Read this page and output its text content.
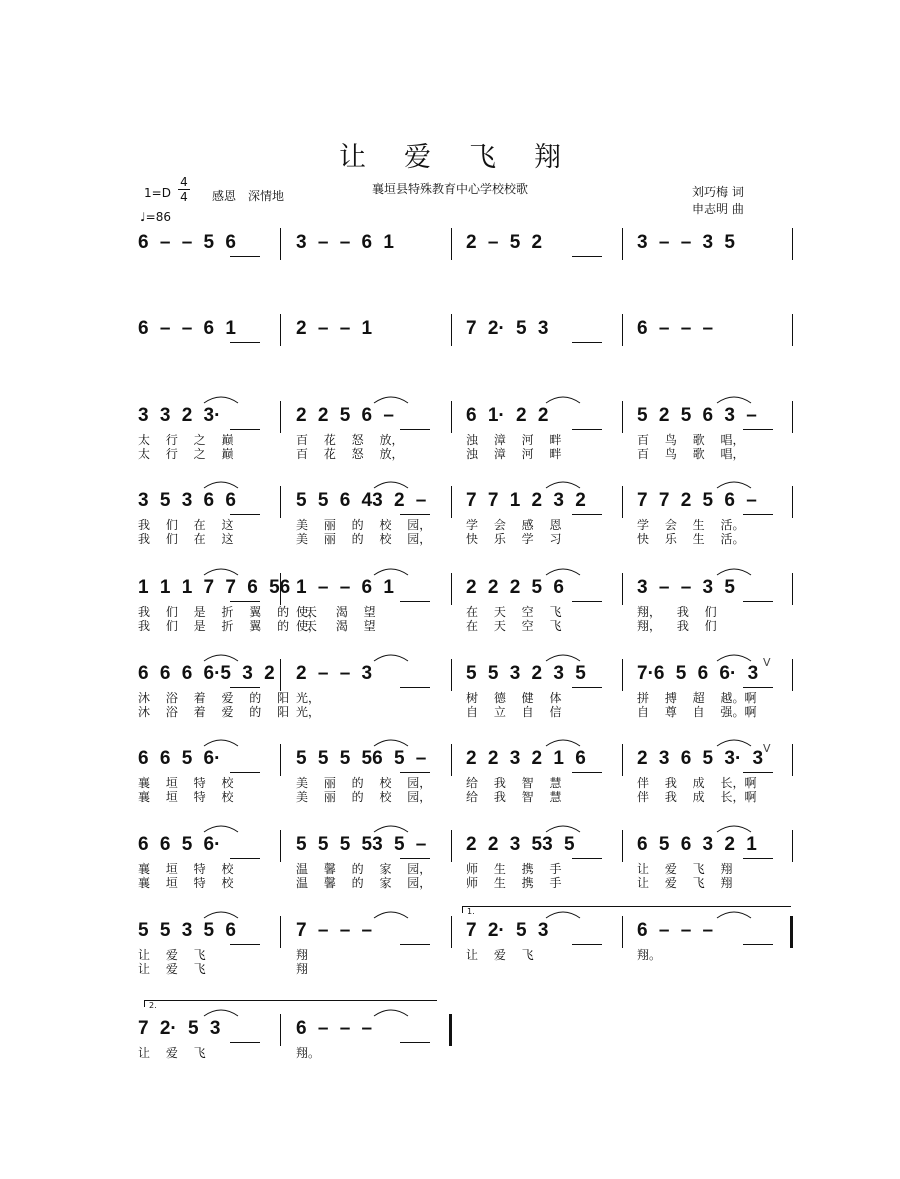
让爱飞翔
襄垣县特殊教育中心学校校歌
1=D
4
4 感恩 深情地
♩=86
刘巧梅 词
申志明 曲
6 – – 5 6	3 – – 6 1	2 – 5 2	3 – – 3 5
6 – – 6 1	2 – – 1	7 2· 5 3	6 – – –
3 3 2 3·
太 行 之 巅
太 行 之 巅
2 2 5 6 –
百 花 怒 放，
百 花 怒 放，
6 1· 2 2
浊 漳 河 畔
浊 漳 河 畔
5 2 5 6 3 –
百 鸟 歌 唱，
百 鸟 歌 唱，
3 5 3 6 6
我 们 在 这
我 们 在 这
5 5 6 43 2 –
美 丽 的 校 园，
美 丽 的 校 园，
7 7 1 2 3 2
学 会 感 恩
快 乐 学 习
7 7 2 5 6 –
学 会 生 活。
快 乐 生 活。
1 1 1 7 7 6 56
我 们 是 折 翼 的 天
我 们 是 折 翼 的 天
1 – – 6 1
使， 渴 望
使， 渴 望
2 2 2 5 6
在 天 空 飞
在 天 空 飞
3 – – 3 5
翔， 我 们
翔， 我 们
6 6 6 6·5 3 2
沐 浴 着 爱 的 阳
沐 浴 着 爱 的 阳
2 – – 3
光，
光，
5 5 3 2 3 5
树 德 健 体
自 立 自 信
7·6 5 6 6· 3
拼 搏 超 越。啊
自 尊 自 强。啊
6 6 5 6·
襄 垣 特 校
襄 垣 特 校
5 5 5 56 5 –
美 丽 的 校 园，
美 丽 的 校 园，
2 2 3 2 1 6
给 我 智 慧
给 我 智 慧
2 3 6 5 3· 3
伴 我 成 长，啊
伴 我 成 长，啊
6 6 5 6·
襄 垣 特 校
襄 垣 特 校
5 5 5 53 5 –
温 馨 的 家 园，
温 馨 的 家 园，
2 2 3 53 5
师 生 携 手
师 生 携 手
6 5 6 3 2 1
让 爱 飞 翔
让 爱 飞 翔
5 5 3 5 6
让 爱 飞
让 爱 飞
7 – – –
翔
翔
7 2· 5 3
让 爱 飞
6 – – –
翔。
7 2· 5 3
让 爱 飞
6 – – –
翔。
1.
2.
V
V
